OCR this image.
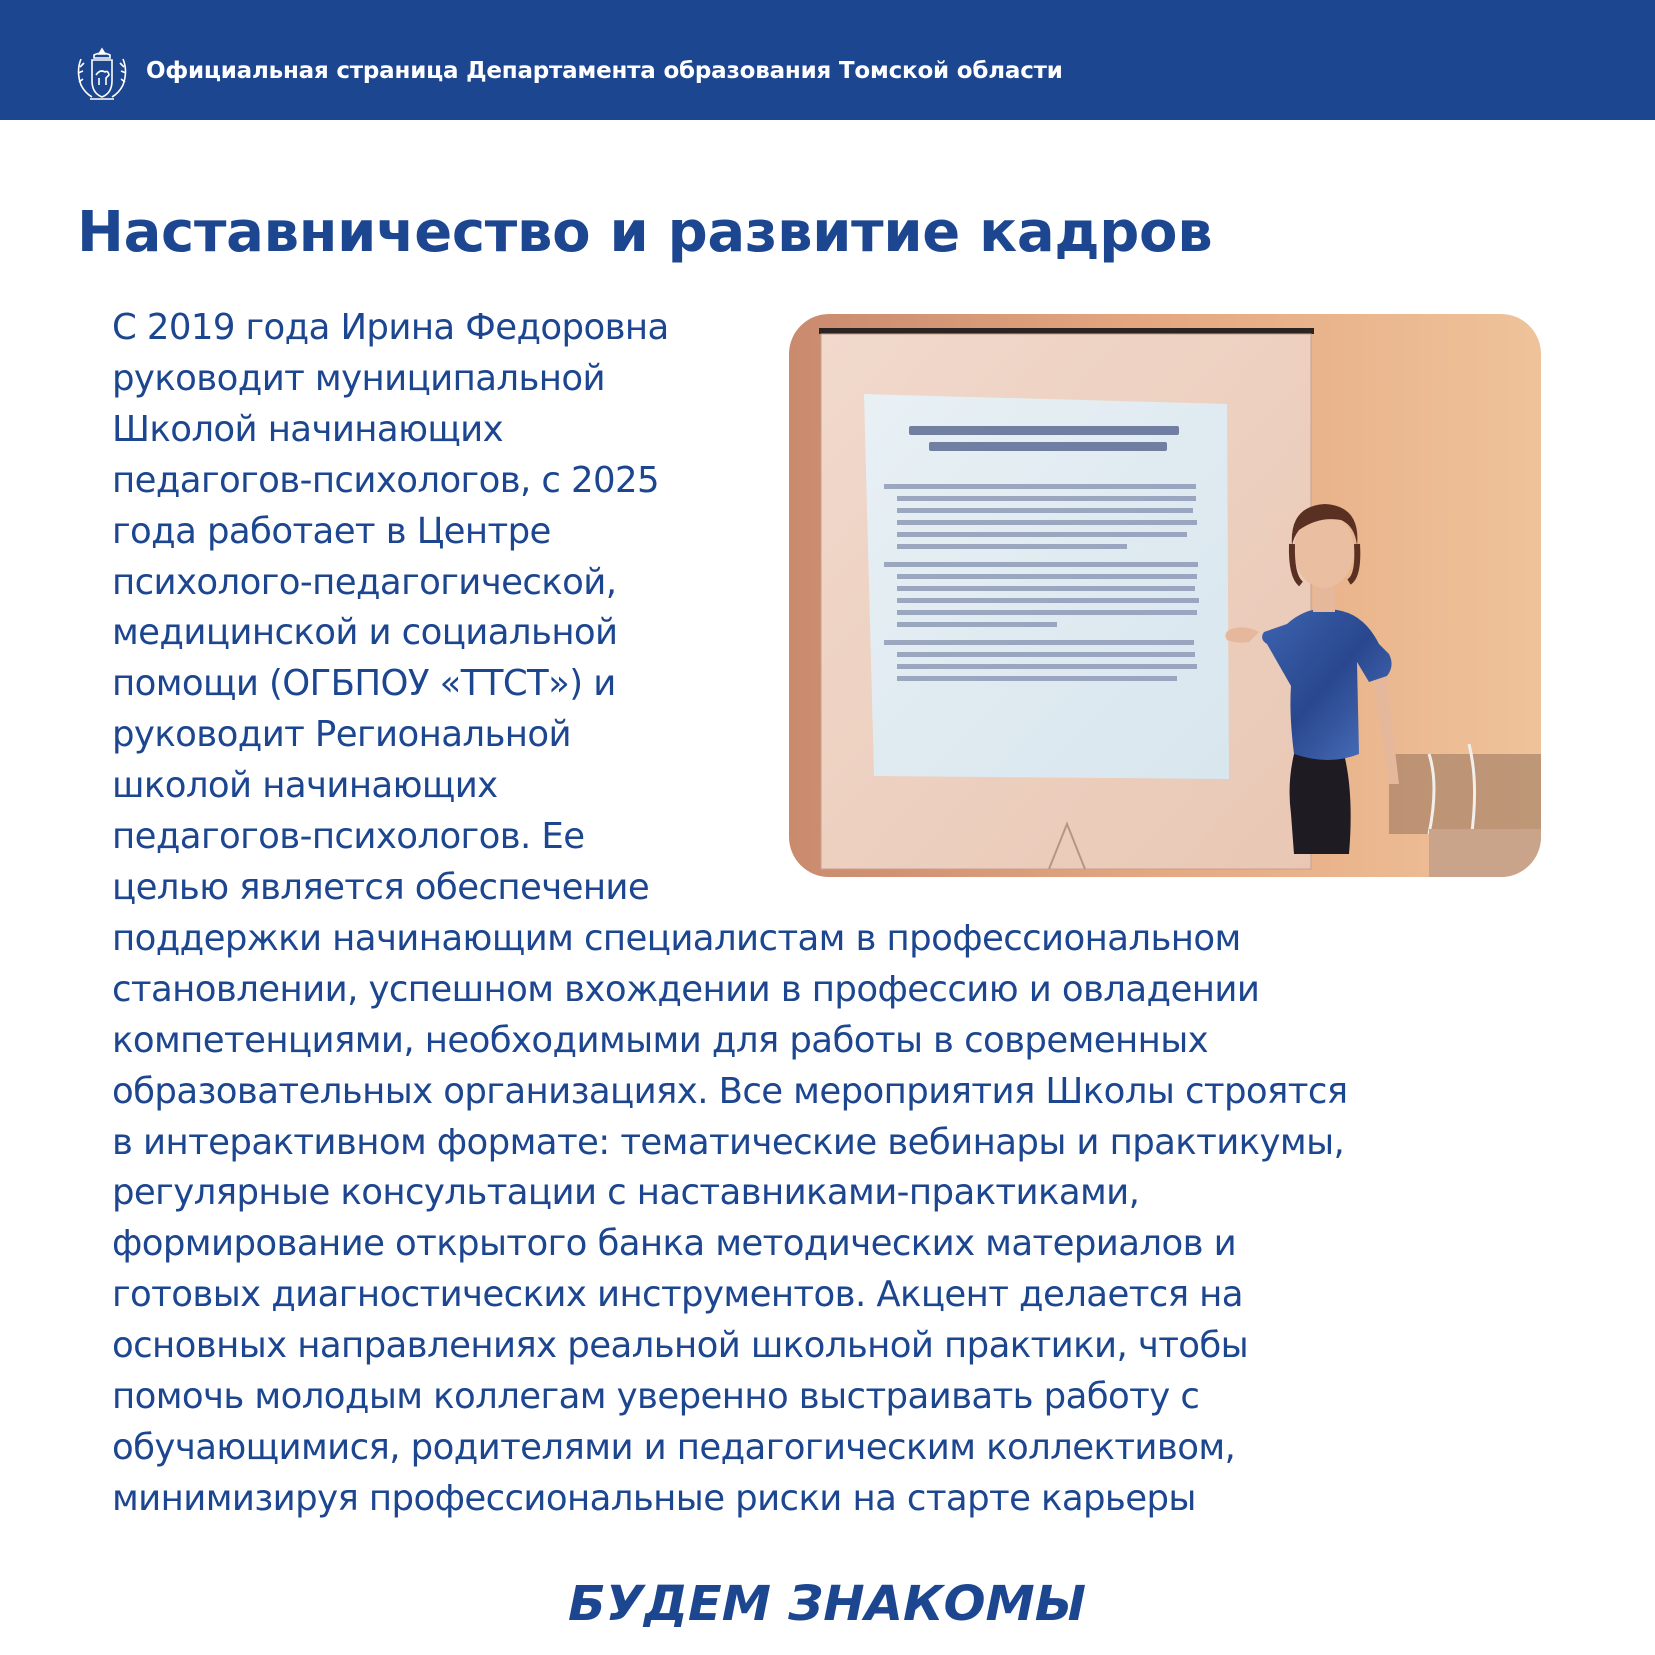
Официальная страница Департамента образования Томской области
Наставничество и развитие кадров
С 2019 года Ирина Федоровна
руководит муниципальной
Школой начинающих
педагогов-психологов, с 2025
года работает в Центре
психолого-педагогической,
медицинской и социальной
помощи (ОГБПОУ «ТТСТ») и
руководит Региональной
школой начинающих
педагогов-психологов. Ее
целью является обеспечение
поддержки начинающим специалистам в профессиональном
становлении, успешном вхождении в профессию и овладении
компетенциями, необходимыми для работы в современных
образовательных организациях. Все мероприятия Школы строятся
в интерактивном формате: тематические вебинары и практикумы,
регулярные консультации с наставниками-практиками,
формирование открытого банка методических материалов и
готовых диагностических инструментов. Акцент делается на
основных направлениях реальной школьной практики, чтобы
помочь молодым коллегам уверенно выстраивать работу с
обучающимися, родителями и педагогическим коллективом,
минимизируя профессиональные риски на старте карьеры
БУДЕМ ЗНАКОМЫ
